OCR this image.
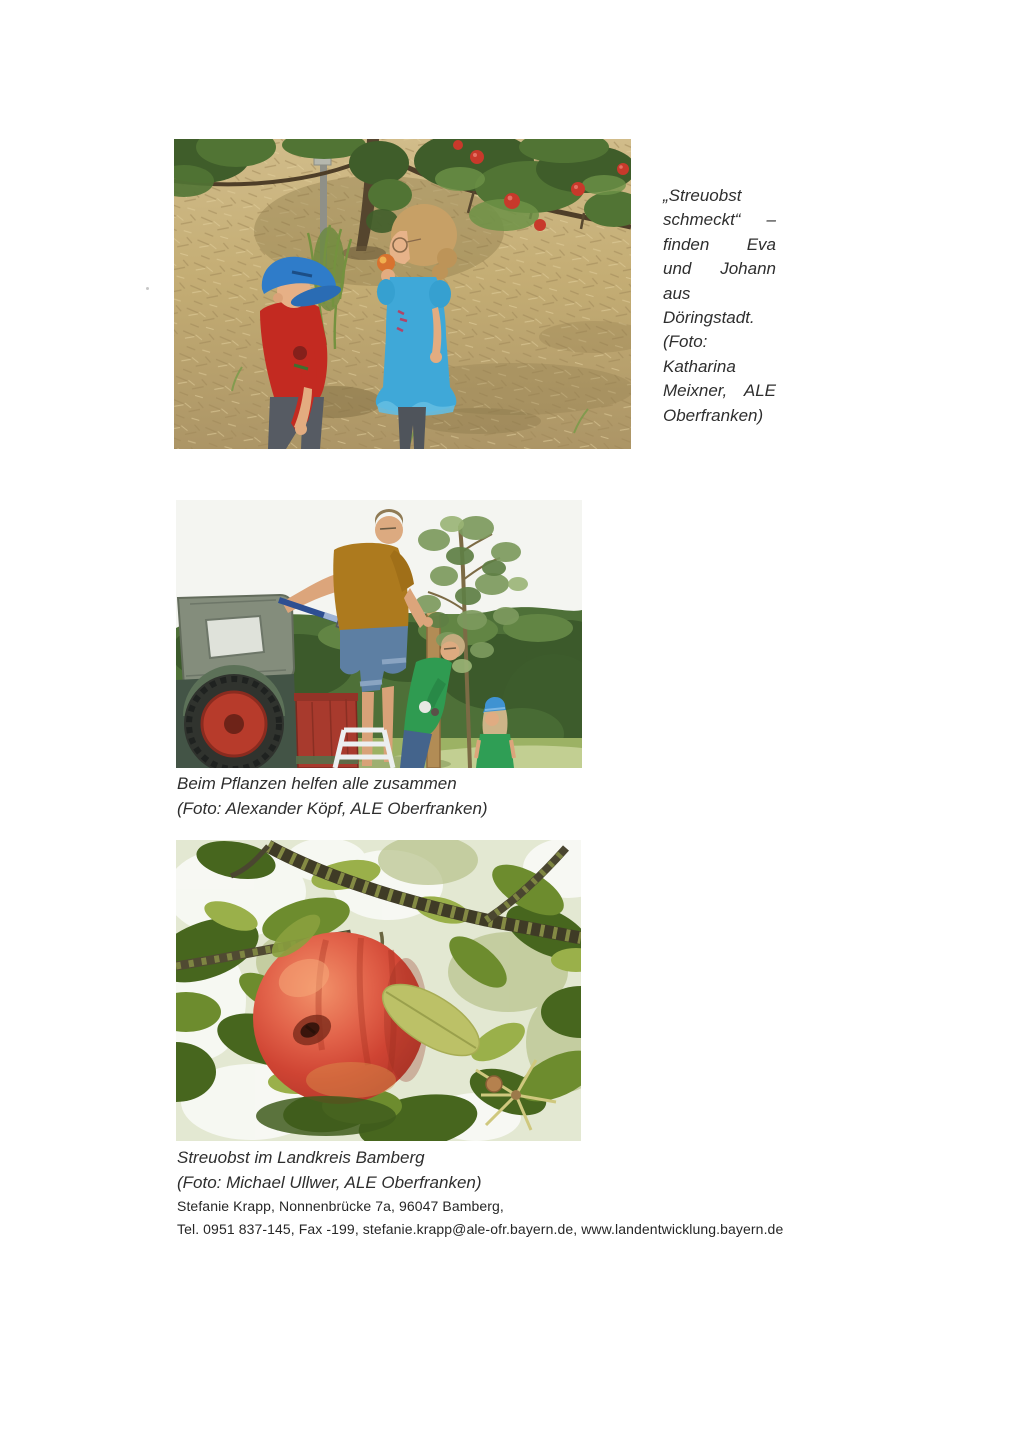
„Streuobst
schmeckt“ –
finden Eva
und Johann
aus
Döringstadt.
(Foto:
Katharina
Meixner, ALE
Oberfranken)
Beim Pflanzen helfen alle zusammen
(Foto: Alexander Köpf, ALE Oberfranken)
Streuobst im Landkreis Bamberg
(Foto: Michael Ullwer, ALE Oberfranken)
Stefanie Krapp, Nonnenbrücke 7a, 96047 Bamberg,
Tel. 0951 837-145, Fax -199, stefanie.krapp@ale-ofr.bayern.de, www.landentwicklung.bayern.de
